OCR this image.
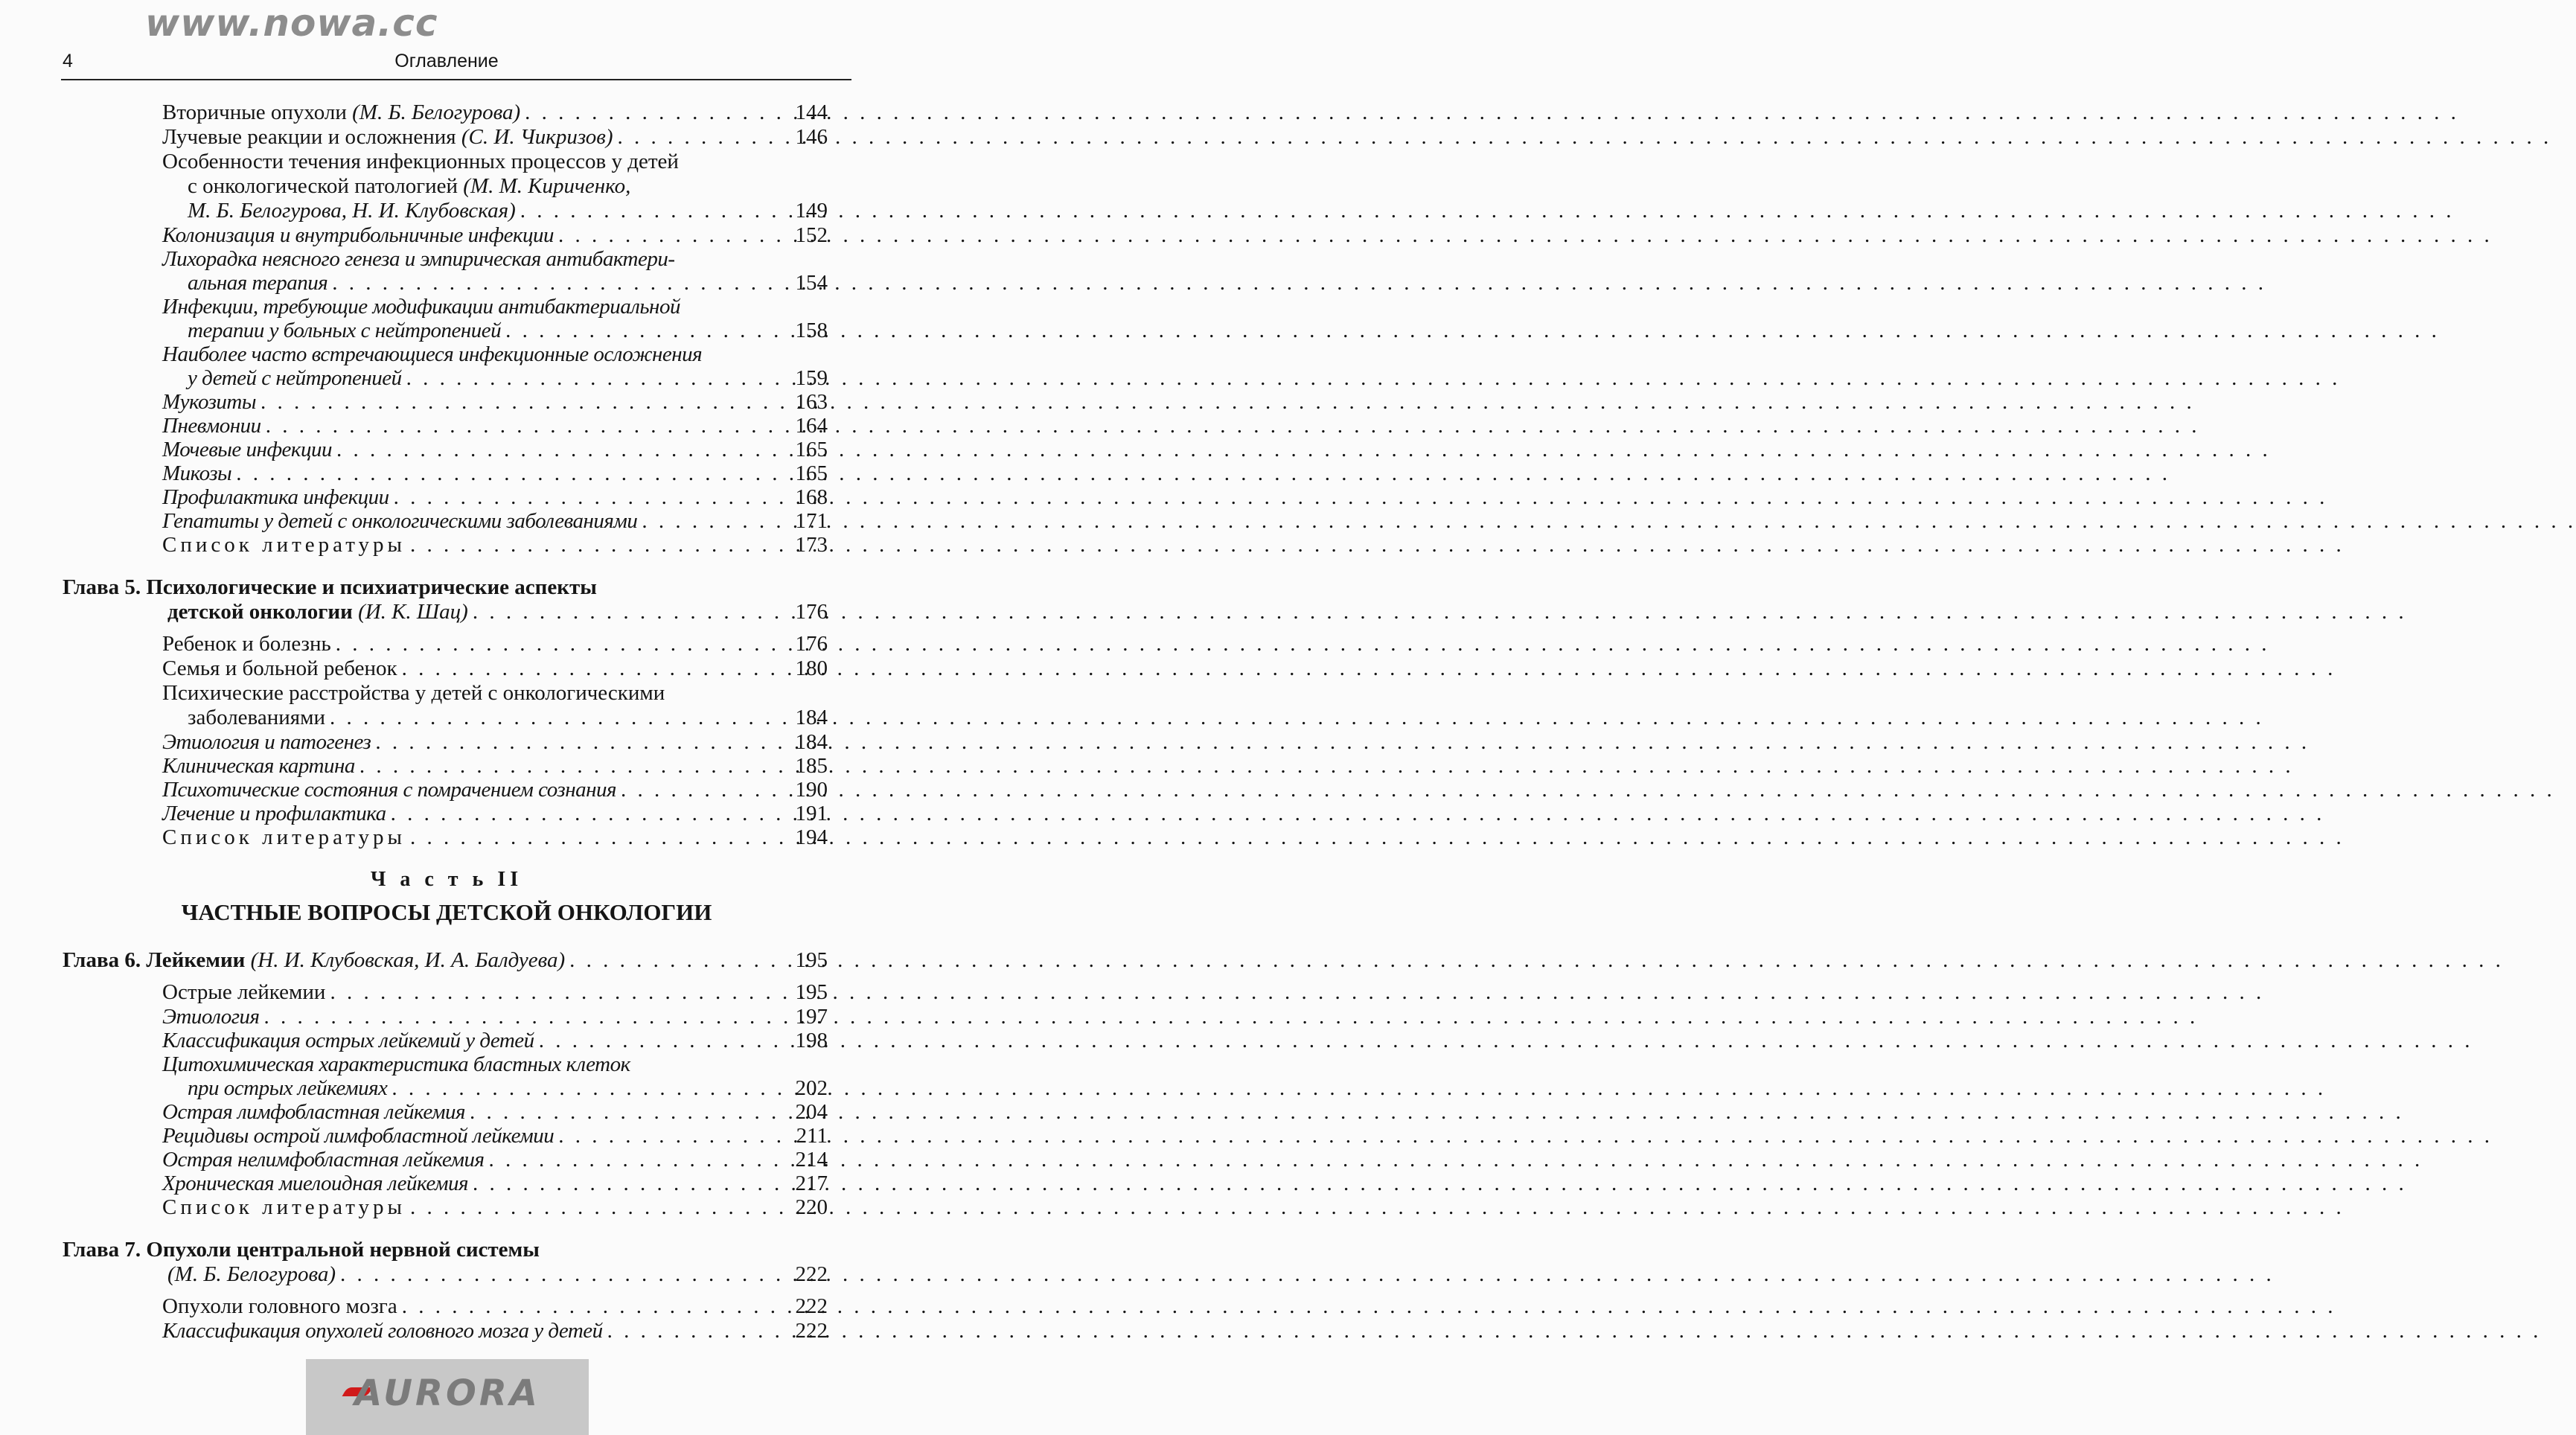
www.nowa.cc
4	Оглавление
Вторичные опухоли (М. Б. Белогурова) . . .	144
Лучевые реакции и осложнения (С. И. Чикризов) . . .	146
Особенности течения инфекционных процессов у детей
с онкологической патологией (М. М. Кириченко,
М. Б. Белогурова, Н. И. Клубовская) . . .	149
Колонизация и внутрибольничные инфекции . . .	152
Лихорадка неясного генеза и эмпирическая антибактери-
альная терапия . . .	154
Инфекции, требующие модификации антибактериальной
терапии у больных с нейтропенией . . .	158
Наиболее часто встречающиеся инфекционные осложнения
у детей с нейтропенией . . .	159
Мукозиты . . .	163
Пневмонии . . .	164
Мочевые инфекции . . .	165
Микозы . . .	165
Профилактика инфекции . . .	168
Гепатиты у детей с онкологическими заболеваниями . . .	171
Список литературы . . .	173
Глава 5. Психологические и психиатрические аспекты
детской онкологии (И. К. Шац) . . .	176
Ребенок и болезнь . . .	176
Семья и больной ребенок . . .	180
Психические расстройства у детей с онкологическими
заболеваниями . . .	184
Этиология и патогенез . . .	184
Клиническая картина . . .	185
Психотические состояния с помрачением сознания . . .	190
Лечение и профилактика . . .	191
Список литературы . . .	194
Ч а с т ь II
ЧАСТНЫЕ ВОПРОСЫ ДЕТСКОЙ ОНКОЛОГИИ
Глава 6. Лейкемии (Н. И. Клубовская, И. А. Балдуева) . . .	195
Острые лейкемии . . .	195
Этиология . . .	197
Классификация острых лейкемий у детей . . .	198
Цитохимическая характеристика бластных клеток
при острых лейкемиях . . .	202
Острая лимфобластная лейкемия . . .	204
Рецидивы острой лимфобластной лейкемии . . .	211
Острая нелимфобластная лейкемия . . .	214
Хроническая миелоидная лейкемия . . .	217
Список литературы . . .	220
Глава 7. Опухоли центральной нервной системы
(М. Б. Белогурова) . . .	222
Опухоли головного мозга . . .	222
Классификация опухолей головного мозга у детей . . .	222
AURORA
